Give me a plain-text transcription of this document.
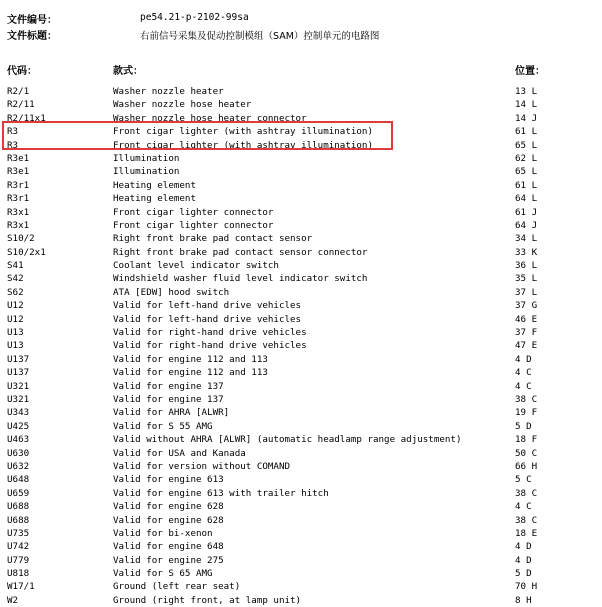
文件编号：	pe54.21-p-2102-99sa
文件标题：	右前信号采集及促动控制模组（SAM）控制单元的电路图
代码：	款式：	位置：
R2/1	Washer nozzle heater	13 L
R2/11	Washer nozzle hose heater	14 L
R2/11x1	Washer nozzle hose heater connector	14 J
R3	Front cigar lighter (with ashtray illumination)	61 L
R3	Front cigar lighter (with ashtray illumination)	65 L
R3e1	Illumination	62 L
R3e1	Illumination	65 L
R3r1	Heating element	61 L
R3r1	Heating element	64 L
R3x1	Front cigar lighter connector	61 J
R3x1	Front cigar lighter connector	64 J
S10/2	Right front brake pad contact sensor	34 L
S10/2x1	Right front brake pad contact sensor connector	33 K
S41	Coolant level indicator switch	36 L
S42	Windshield washer fluid level indicator switch	35 L
S62	ATA [EDW] hood switch	37 L
U12	Valid for left-hand drive vehicles	37 G
U12	Valid for left-hand drive vehicles	46 E
U13	Valid for right-hand drive vehicles	37 F
U13	Valid for right-hand drive vehicles	47 E
U137	Valid for engine 112 and 113	4 D
U137	Valid for engine 112 and 113	4 C
U321	Valid for engine 137	4 C
U321	Valid for engine 137	38 C
U343	Valid for AHRA [ALWR]	19 F
U425	Valid for S 55 AMG	5 D
U463	Valid without AHRA [ALWR] (automatic headlamp range adjustment)	18 F
U630	Valid for USA and Kanada	50 C
U632	Valid for version without COMAND	66 H
U648	Valid for engine 613	5 C
U659	Valid for engine 613 with trailer hitch	38 C
U688	Valid for engine 628	4 C
U688	Valid for engine 628	38 C
U735	Valid for bi-xenon	18 E
U742	Valid for engine 648	4 D
U779	Valid for engine 275	4 D
U818	Valid for S 65 AMG	5 D
W17/1	Ground (left rear seat)	70 H
W2	Ground (right front, at lamp unit)	8 H
